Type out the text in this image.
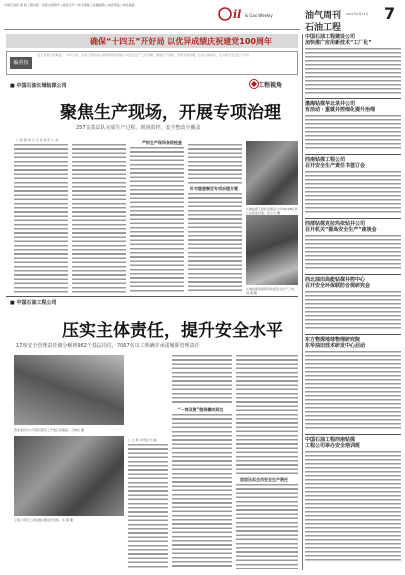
中国石油报 第 版 | 国内统一连续出版物号 | 邮发代号 | 电子邮箱 | 投稿邮箱 | 本版责编 | 本版美编
il & Gas Weekly	油气周刊
石油工程
7
2021年5月13日
确保“十四五”开好局 以优异成绩庆祝建党100周年
编者按
“安全是最大的效益”。今年以来，石油工程系统认真贯彻落实集团公司安全生产工作部署，聚焦生产现场，开展专项治理，压实主体责任，全力提升安全生产水平。
■ 中国石油长城钻探公司	工程视角
聚焦生产现场，开展专项治理
257支基层队完成生产过程、现场监控，安全整改全覆盖
□ 郝 敬 周 志 宇 刘 昌 阳 王 旭	严抓生产现场各级检查

针对隐患制定专项治理方案

长城钻探工程技术服务公司40128队员工在检查设备。张小凡 摄
长城钻探各级领导检查安全生产工作。刘 翔 摄
■ 中国石油工程公司
压实主体责任，提升安全水平
17项安全管理责任细分解到962个基层岗位，7067名员工明确并承诺履职管理责任
西北油田分公司项目部员工开展应急演练。王晓东 摄
工程公司员工对检测仪器进行校验。许 静 摄
□ 王 辉 李雪松 刘 瀚

“一岗双责”做到横向到边

层层压实全员安全生产责任

中国石油工程建设公司
加快推广应用新技术“工厂化”

渤海钻探华北录井公司
有活动・重就井控细化提升治理

西南钻探工程公司
召开安全生产责任书签订会

西部钻探克拉玛依钻井公司
召开机关“提高安全生产”座谈会

西北油田高能钻探井控中心
召开安全环保联防合规研究会

东方物探地球物理研究院
东华油田技术研发中心启动

中国石油工程西南钻探
工程公司举办安全培训班
